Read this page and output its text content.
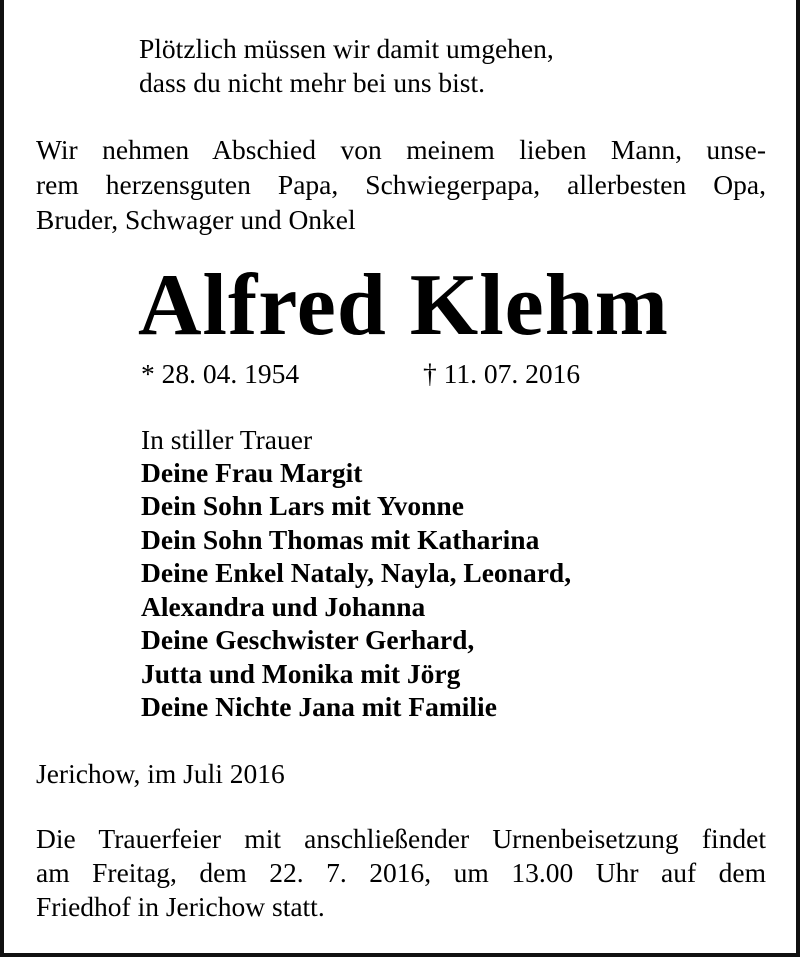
Plötzlich müssen wir damit umgehen,
dass du nicht mehr bei uns bist.
Wir nehmen Abschied von meinem lieben Mann, unse-
rem herzensguten Papa, Schwiegerpapa, allerbesten Opa,
Bruder, Schwager und Onkel
Alfred Klehm
* 28. 04. 1954	† 11. 07. 2016
In stiller Trauer
Deine Frau Margit
Dein Sohn Lars mit Yvonne
Dein Sohn Thomas mit Katharina
Deine Enkel Nataly, Nayla, Leonard,
Alexandra und Johanna
Deine Geschwister Gerhard,
Jutta und Monika mit Jörg
Deine Nichte Jana mit Familie
Jerichow, im Juli 2016
Die Trauerfeier mit anschließender Urnenbeisetzung findet
am Freitag, dem 22. 7. 2016, um 13.00 Uhr auf dem
Friedhof in Jerichow statt.
